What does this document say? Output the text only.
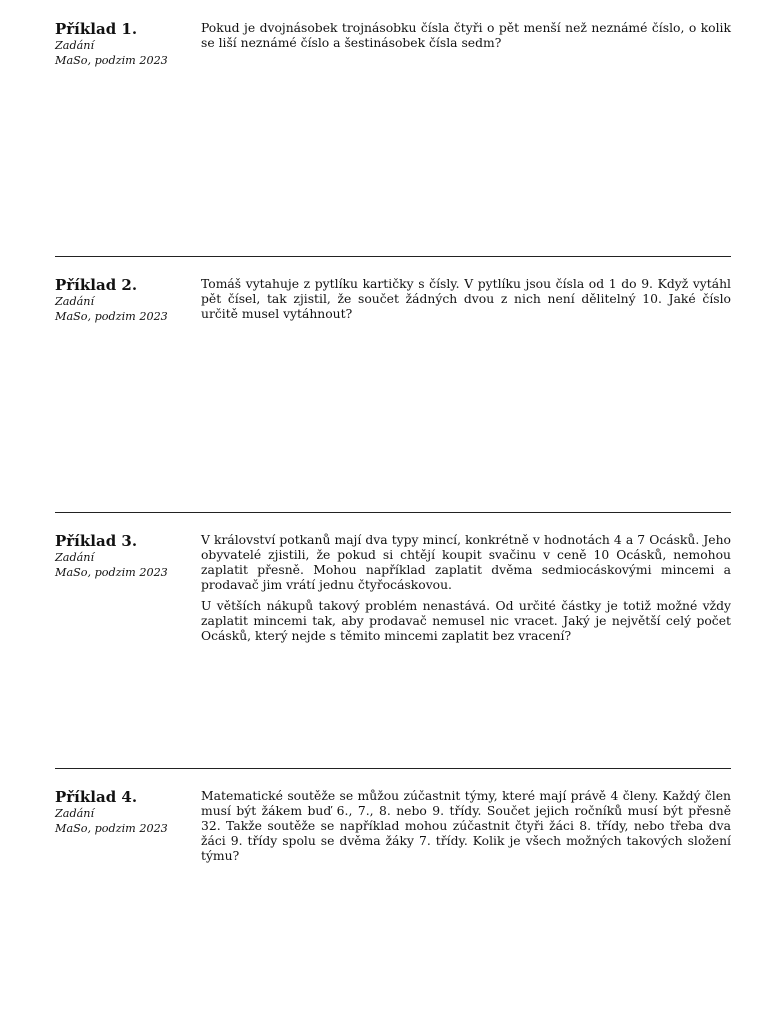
Příklad 1.
Zadání
MaSo, podzim 2023

Pokud je dvojnásobek trojnásobku čísla čtyři o pět menší než neznámé číslo, o kolik se liší neznámé číslo a šestinásobek čísla sedm?

Příklad 2.
Zadání
MaSo, podzim 2023

Tomáš vytahuje z pytlíku kartičky s čísly. V pytlíku jsou čísla od 1 do 9. Když vytáhl pět čísel, tak zjistil, že součet žádných dvou z nich není dělitelný 10. Jaké číslo určitě musel vytáhnout?

Příklad 3.
Zadání
MaSo, podzim 2023

V království potkanů mají dva typy mincí, konkrétně v hodnotách 4 a 7 Ocásků. Jeho obyvatelé zjistili, že pokud si chtějí koupit svačinu v ceně 10 Ocásků, nemohou zaplatit přesně. Mohou například zaplatit dvěma sedmiocáskovými mincemi a prodavač jim vrátí jednu čtyřocáskovou.

U větších nákupů takový problém nenastává. Od určité částky je totiž možné vždy zaplatit mincemi tak, aby prodavač nemusel nic vracet. Jaký je největší celý počet Ocásků, který nejde s těmito mincemi zaplatit bez vracení?

Příklad 4.
Zadání
MaSo, podzim 2023

Matematické soutěže se můžou zúčastnit týmy, které mají právě 4 členy. Každý člen musí být žákem buď 6., 7., 8. nebo 9. třídy. Součet jejich ročníků musí být přesně 32. Takže soutěže se například mohou zúčastnit čtyři žáci 8. třídy, nebo třeba dva žáci 9. třídy spolu se dvěma žáky 7. třídy. Kolik je všech možných takových složení týmu?
